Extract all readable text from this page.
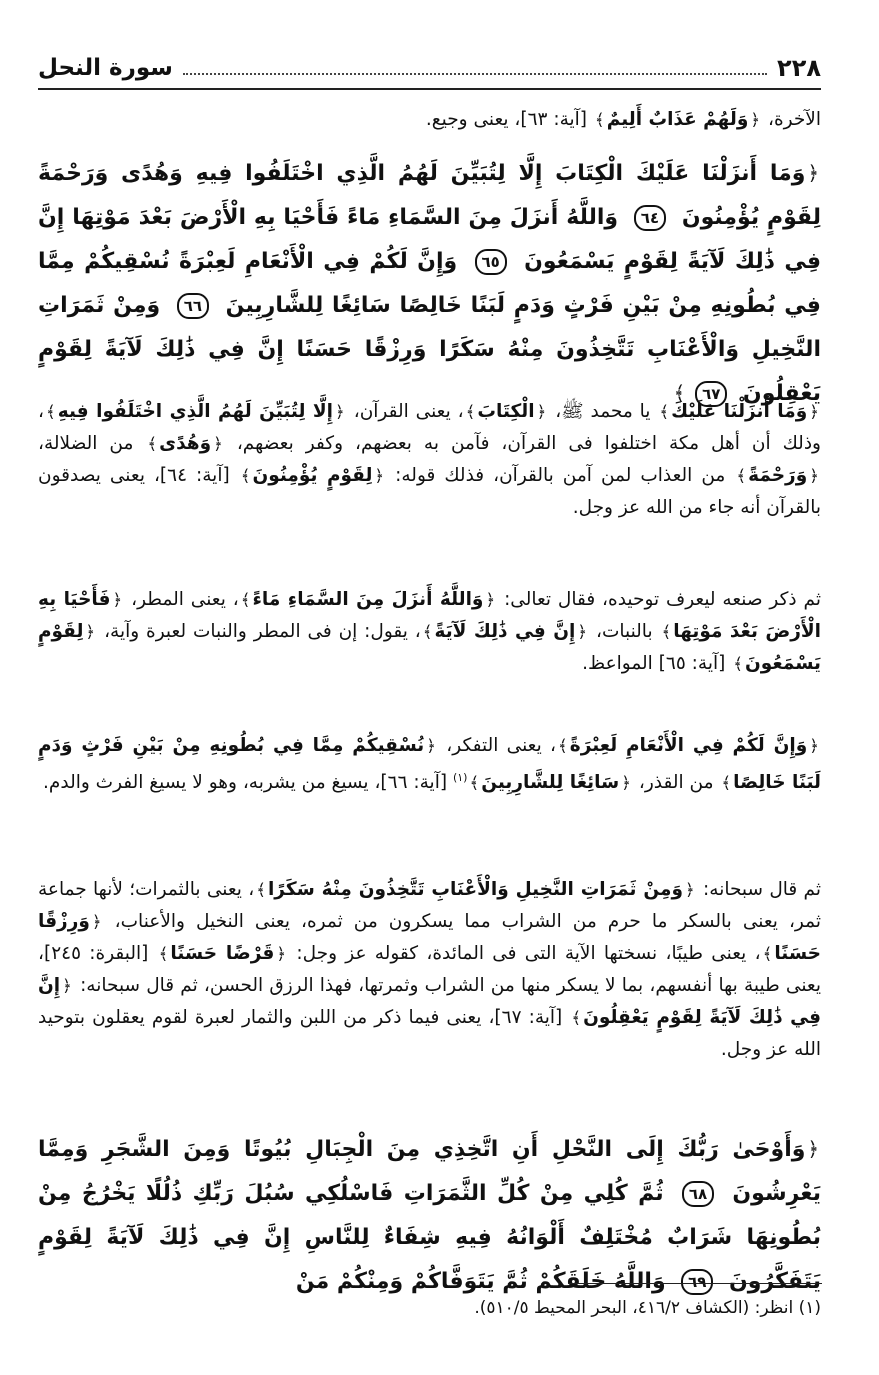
٢٢٨
سورة النحل

الآخرة، ﴿وَلَهُمْ عَذَابٌ أَلِيمٌ﴾ [آية: ٦٣]، يعنى وجيع.

﴿وَمَا أَنزَلْنَا عَلَيْكَ الْكِتَابَ إِلَّا لِتُبَيِّنَ لَهُمُ الَّذِي اخْتَلَفُوا فِيهِ وَهُدًى وَرَحْمَةً لِقَوْمٍ يُؤْمِنُونَ ٦٤ وَاللَّهُ أَنزَلَ مِنَ السَّمَاءِ مَاءً فَأَحْيَا بِهِ الْأَرْضَ بَعْدَ مَوْتِهَا إِنَّ فِي ذَٰلِكَ لَآيَةً لِقَوْمٍ يَسْمَعُونَ ٦٥ وَإِنَّ لَكُمْ فِي الْأَنْعَامِ لَعِبْرَةً نُسْقِيكُمْ مِمَّا فِي بُطُونِهِ مِنْ بَيْنِ فَرْثٍ وَدَمٍ لَبَنًا خَالِصًا سَائِغًا لِلشَّارِبِينَ ٦٦ وَمِنْ ثَمَرَاتِ النَّخِيلِ وَالْأَعْنَابِ تَتَّخِذُونَ مِنْهُ سَكَرًا وَرِزْقًا حَسَنًا إِنَّ فِي ذَٰلِكَ لَآيَةً لِقَوْمٍ يَعْقِلُونَ ٦٧﴾

﴿وَمَا أَنزَلْنَا عَلَيْكَ﴾ يا محمد ﷺ، ﴿الْكِتَابَ﴾، يعنى القرآن، ﴿إِلَّا لِتُبَيِّنَ لَهُمُ الَّذِي اخْتَلَفُوا فِيهِ﴾، وذلك أن أهل مكة اختلفوا فى القرآن، فآمن به بعضهم، وكفر بعضهم، ﴿وَهُدًى﴾ من الضلالة، ﴿وَرَحْمَةً﴾ من العذاب لمن آمن بالقرآن، فذلك قوله: ﴿لِقَوْمٍ يُؤْمِنُونَ﴾ [آية: ٦٤]، يعنى يصدقون بالقرآن أنه جاء من الله عز وجل.

ثم ذكر صنعه ليعرف توحيده، فقال تعالى: ﴿وَاللَّهُ أَنزَلَ مِنَ السَّمَاءِ مَاءً﴾، يعنى المطر، ﴿فَأَحْيَا بِهِ الْأَرْضَ بَعْدَ مَوْتِهَا﴾ بالنبات، ﴿إِنَّ فِي ذَٰلِكَ لَآيَةً﴾، يقول: إن فى المطر والنبات لعبرة وآية، ﴿لِقَوْمٍ يَسْمَعُونَ﴾ [آية: ٦٥] المواعظ.

﴿وَإِنَّ لَكُمْ فِي الْأَنْعَامِ لَعِبْرَةً﴾، يعنى التفكر، ﴿نُسْقِيكُمْ مِمَّا فِي بُطُونِهِ مِنْ بَيْنِ فَرْثٍ وَدَمٍ لَبَنًا خَالِصًا﴾ من القذر، ﴿سَائِغًا لِلشَّارِبِينَ﴾$^{(١)}$ [آية: ٦٦]، يسيغ من يشربه، وهو لا يسيغ الفرث والدم.

ثم قال سبحانه: ﴿وَمِنْ ثَمَرَاتِ النَّخِيلِ وَالْأَعْنَابِ تَتَّخِذُونَ مِنْهُ سَكَرًا﴾، يعنى بالثمرات؛ لأنها جماعة ثمر، يعنى بالسكر ما حرم من الشراب مما يسكرون من ثمره، يعنى النخيل والأعناب، ﴿وَرِزْقًا حَسَنًا﴾، يعنى طيبًا، نسختها الآية التى فى المائدة، كقوله عز وجل: ﴿قَرْضًا حَسَنًا﴾ [البقرة: ٢٤٥]، يعنى طيبة بها أنفسهم، بما لا يسكر منها من الشراب وثمرتها، فهذا الرزق الحسن، ثم قال سبحانه: ﴿إِنَّ فِي ذَٰلِكَ لَآيَةً لِقَوْمٍ يَعْقِلُونَ﴾ [آية: ٦٧]، يعنى فيما ذكر من اللبن والثمار لعبرة لقوم يعقلون بتوحيد الله عز وجل.

﴿وَأَوْحَىٰ رَبُّكَ إِلَى النَّحْلِ أَنِ اتَّخِذِي مِنَ الْجِبَالِ بُيُوتًا وَمِنَ الشَّجَرِ وَمِمَّا يَعْرِشُونَ ٦٨ ثُمَّ كُلِي مِنْ كُلِّ الثَّمَرَاتِ فَاسْلُكِي سُبُلَ رَبِّكِ ذُلُلًا يَخْرُجُ مِنْ بُطُونِهَا شَرَابٌ مُخْتَلِفٌ أَلْوَانُهُ فِيهِ شِفَاءٌ لِلنَّاسِ إِنَّ فِي ذَٰلِكَ لَآيَةً لِقَوْمٍ يَتَفَكَّرُونَ ٦٩ وَاللَّهُ خَلَقَكُمْ ثُمَّ يَتَوَفَّاكُمْ وَمِنْكُمْ مَنْ

(١) انظر: (الكشاف ٤١٦/٢، البحر المحيط ٥١٠/٥).
